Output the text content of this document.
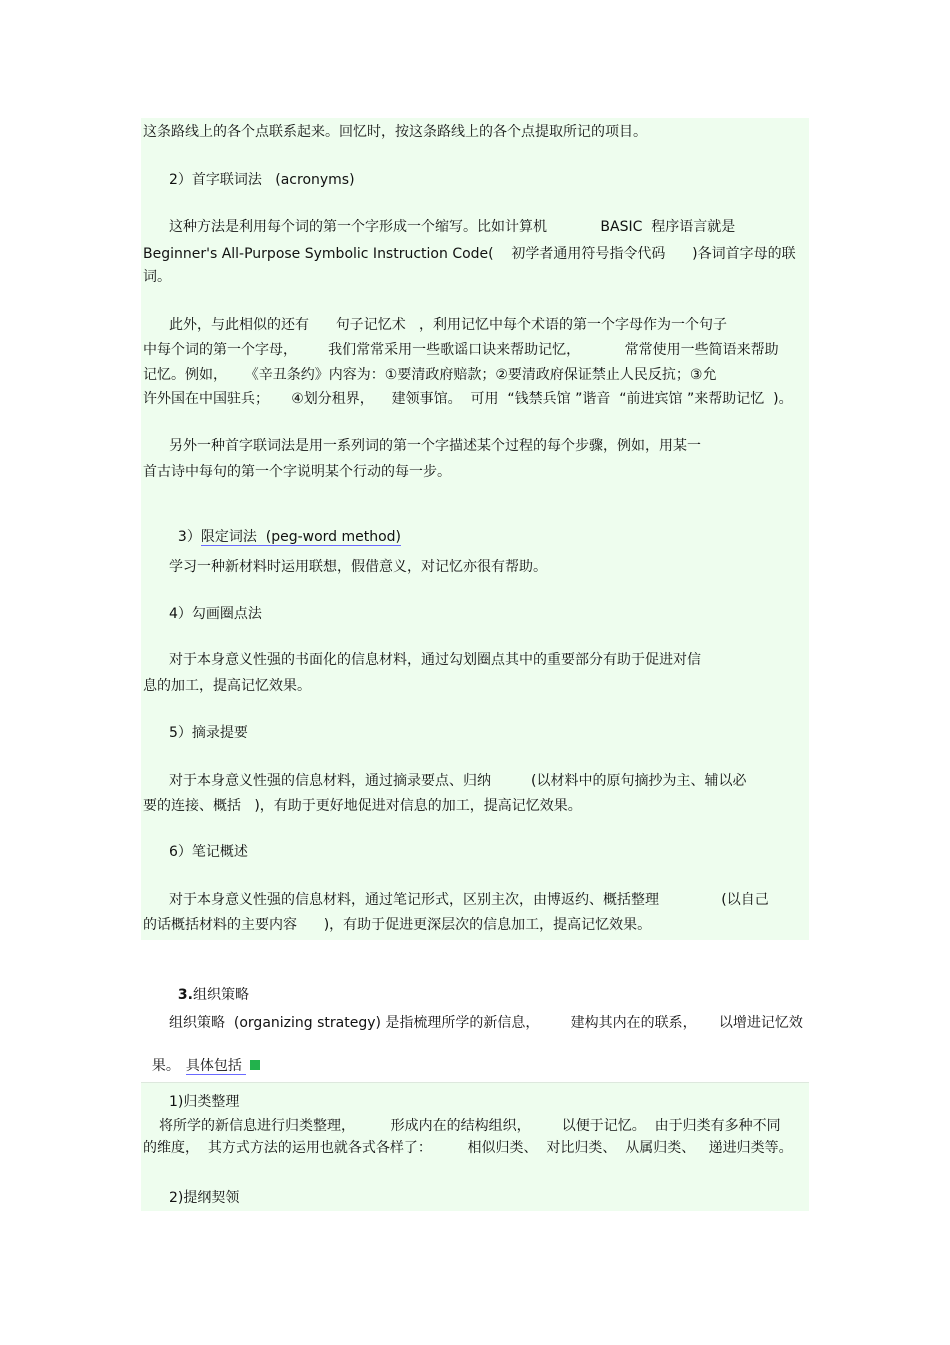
这条路线上的各个点联系起来。回忆时，按这条路线上的各个点提取所记的项目。
2）首字联词法   (acronyms)
这种方法是利用每个词的第一个字形成一个缩写。比如计算机            BASIC  程序语言就是
Beginner's All-Purpose Symbolic Instruction Code(    初学者通用符号指令代码      )各词首字母的联
词。
此外，与此相似的还有      句子记忆术   ，利用记忆中每个术语的第一个字母作为一个句子
中每个词的第一个字母，       我们常常采用一些歌谣口诀来帮助记忆，          常常使用一些简语来帮助
记忆。例如，    《辛丑条约》内容为：①要清政府赔款；②要清政府保证禁止人民反抗；③允
许外国在中国驻兵；     ④划分租界，    建领事馆。  可用  “钱禁兵馆 ”谐音  “前进宾馆 ”来帮助记忆  )。
另外一种首字联词法是用一系列词的第一个字描述某个过程的每个步骤，例如，用某一
首古诗中每句的第一个字说明某个行动的每一步。

3）限定词法  (peg-word method)

学习一种新材料时运用联想，假借意义，对记忆亦很有帮助。
4）勾画圈点法
对于本身意义性强的书面化的信息材料，通过勾划圈点其中的重要部分有助于促进对信
息的加工，提高记忆效果。
5）摘录提要
对于本身意义性强的信息材料，通过摘录要点、归纳         (以材料中的原句摘抄为主、辅以必
要的连接、概括   )，有助于更好地促进对信息的加工，提高记忆效果。
6）笔记概述
对于本身意义性强的信息材料，通过笔记形式，区别主次，由博返约、概括整理              (以自己
的话概括材料的主要内容      )，有助于促进更深层次的信息加工，提高记忆效果。

3.组织策略

组织策略  (organizing strategy) 是指梳理所学的新信息，       建构其内在的联系，     以增进记忆效

果。 具体包括

1)归类整理
将所学的新信息进行归类整理，        形成内在的结构组织，       以便于记忆。  由于归类有多种不同
的维度，  其方式方法的运用也就各式各样了：        相似归类、  对比归类、  从属归类、   递进归类等。
2)提纲契领
